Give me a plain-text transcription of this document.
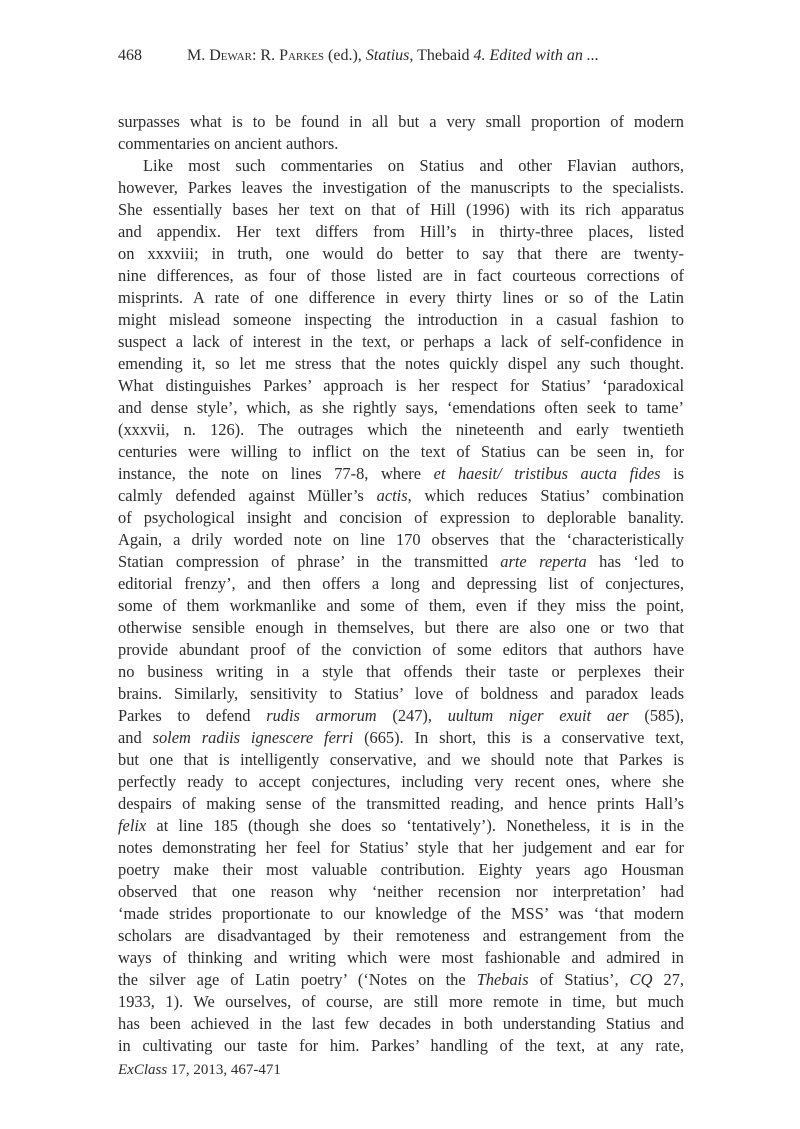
468	M. Dewar: R. Parkes (ed.), Statius, Thebaid 4. Edited with an ...
surpasses what is to be found in all but a very small proportion of modern
commentaries on ancient authors.
Like most such commentaries on Statius and other Flavian authors,
however, Parkes leaves the investigation of the manuscripts to the specialists.
She essentially bases her text on that of Hill (1996) with its rich apparatus
and appendix. Her text differs from Hill’s in thirty-three places, listed
on xxxviii; in truth, one would do better to say that there are twenty-
nine differences, as four of those listed are in fact courteous corrections of
misprints. A rate of one difference in every thirty lines or so of the Latin
might mislead someone inspecting the introduction in a casual fashion to
suspect a lack of interest in the text, or perhaps a lack of self-confidence in
emending it, so let me stress that the notes quickly dispel any such thought.
What distinguishes Parkes’ approach is her respect for Statius’ ‘paradoxical
and dense style’, which, as she rightly says, ‘emendations often seek to tame’
(xxxvii, n. 126). The outrages which the nineteenth and early twentieth
centuries were willing to inflict on the text of Statius can be seen in, for
instance, the note on lines 77-8, where et haesit/ tristibus aucta fides is
calmly defended against Müller’s actis, which reduces Statius’ combination
of psychological insight and concision of expression to deplorable banality.
Again, a drily worded note on line 170 observes that the ‘characteristically
Statian compression of phrase’ in the transmitted arte reperta has ‘led to
editorial frenzy’, and then offers a long and depressing list of conjectures,
some of them workmanlike and some of them, even if they miss the point,
otherwise sensible enough in themselves, but there are also one or two that
provide abundant proof of the conviction of some editors that authors have
no business writing in a style that offends their taste or perplexes their
brains. Similarly, sensitivity to Statius’ love of boldness and paradox leads
Parkes to defend rudis armorum (247), uultum niger exuit aer (585),
and solem radiis ignescere ferri (665). In short, this is a conservative text,
but one that is intelligently conservative, and we should note that Parkes is
perfectly ready to accept conjectures, including very recent ones, where she
despairs of making sense of the transmitted reading, and hence prints Hall’s
felix at line 185 (though she does so ‘tentatively’). Nonetheless, it is in the
notes demonstrating her feel for Statius’ style that her judgement and ear for
poetry make their most valuable contribution. Eighty years ago Housman
observed that one reason why ‘neither recension nor interpretation’ had
‘made strides proportionate to our knowledge of the MSS’ was ‘that modern
scholars are disadvantaged by their remoteness and estrangement from the
ways of thinking and writing which were most fashionable and admired in
the silver age of Latin poetry’ (‘Notes on the Thebais of Statius’, CQ 27,
1933, 1). We ourselves, of course, are still more remote in time, but much
has been achieved in the last few decades in both understanding Statius and
in cultivating our taste for him. Parkes’ handling of the text, at any rate,
ExClass 17, 2013, 467-471
